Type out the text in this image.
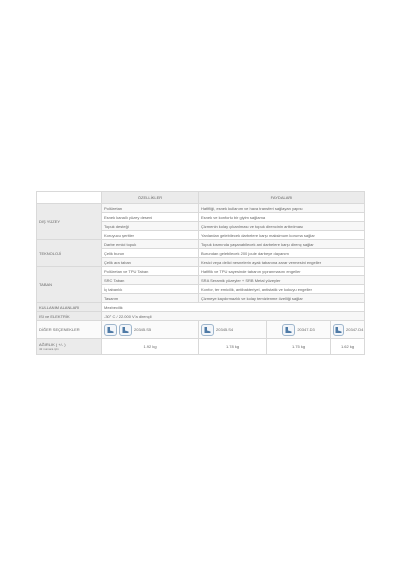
	ÖZELLİKLER	FAYDALARI		
DIŞ YÜZEY	Poliüretan	Hafifliği, esnek kullanım ve hava transferi sağlayan yapısı		
	Esnek kanallı yüzey deseni	Esnek ve konforlu bir giyim sağlama		
	Topuk desteği	Çizmenin kolay çıkarılması ve topuk direncinin arttırılması		
	Koruyucu şeritler	Yanlardan gelebilecek darbelere karşı maksimum koruma sağlar		
TEKNOLOJİ	Darbe emici topuk	Topuk kısmında yaşanabilecek ani darbelere karşı direnç sağlar		
	Çelik burun	Burundan gelebilecek 200 joule darbeye dayanım		
	Çelik ara taban	Kesici veya delici nesnelerin ayak tabanına zarar vermesini engeller		
TABAN	Poliüretan ve TPU Taban	Hafiflik ve TPU sayesinde tabanın yıpranmasını engeller		
	SRC Taban	SRA Seramik yüzeyler + SRB Metal yüzeyler		
	İç tabanlık	Konfor, ter emicilik, antibakteriyel, antistatik ve kokuyu engeller		
	Tasarım	Çizmeye kaydırmazlık ve kolay temizlenme özelliği sağlar		
KULLANIM ALANLARI	Mezbecilik			
ISI ve ELEKTRİK	-30° C / 22.000 V'a dirençli			
DİĞER SEÇENEKLER	20345.S5	20345.S4	20347.D3	20347.D4

AĞIRLIK ( +/- )
42 numara için	1.92 kg	1.78 kg	1.75 kg	1.62 kg
